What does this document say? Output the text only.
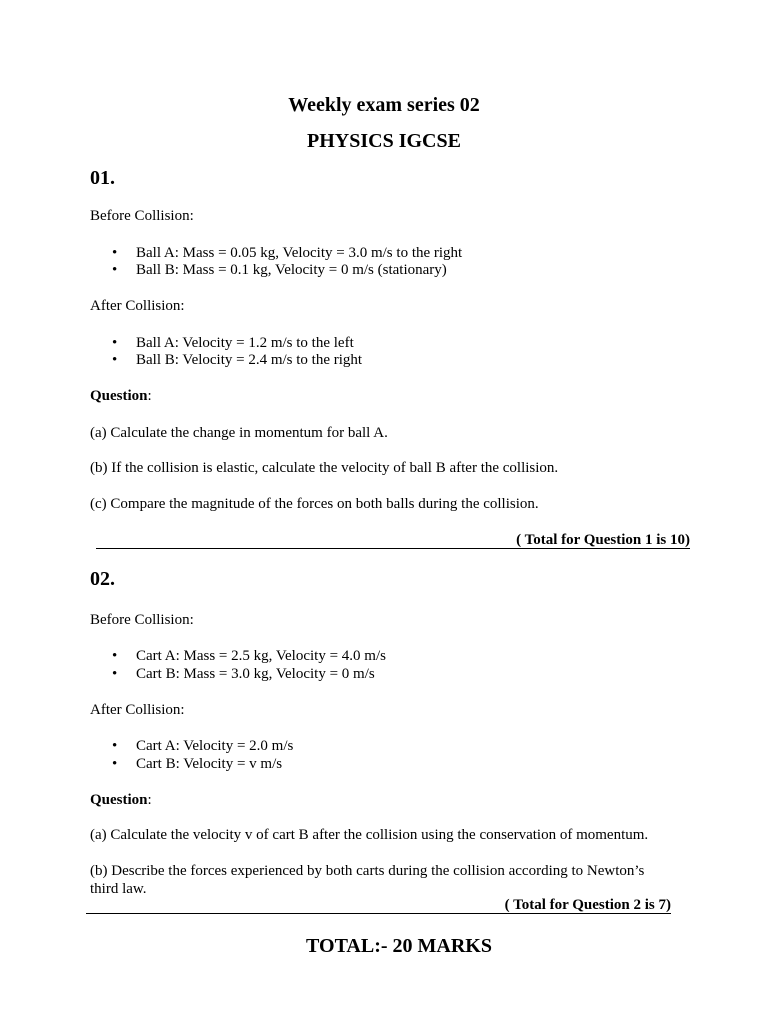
Weekly exam series 02
PHYSICS IGCSE
01.
Before Collision:
• Ball A: Mass = 0.05 kg, Velocity = 3.0 m/s to the right
• Ball B: Mass = 0.1 kg, Velocity = 0 m/s (stationary)
After Collision:
• Ball A: Velocity = 1.2 m/s to the left
• Ball B: Velocity = 2.4 m/s to the right
Question:
(a) Calculate the change in momentum for ball A.
(b) If the collision is elastic, calculate the velocity of ball B after the collision.
(c) Compare the magnitude of the forces on both balls during the collision.
( Total for Question 1 is 10)
02.
Before Collision:
• Cart A: Mass = 2.5 kg, Velocity = 4.0 m/s
• Cart B: Mass = 3.0 kg, Velocity = 0 m/s
After Collision:
• Cart A: Velocity = 2.0 m/s
• Cart B: Velocity = v m/s
Question:
(a) Calculate the velocity v of cart B after the collision using the conservation of momentum.
(b) Describe the forces experienced by both carts during the collision according to Newton’s
third law.
( Total for Question 2 is 7)
TOTAL:- 20 MARKS
